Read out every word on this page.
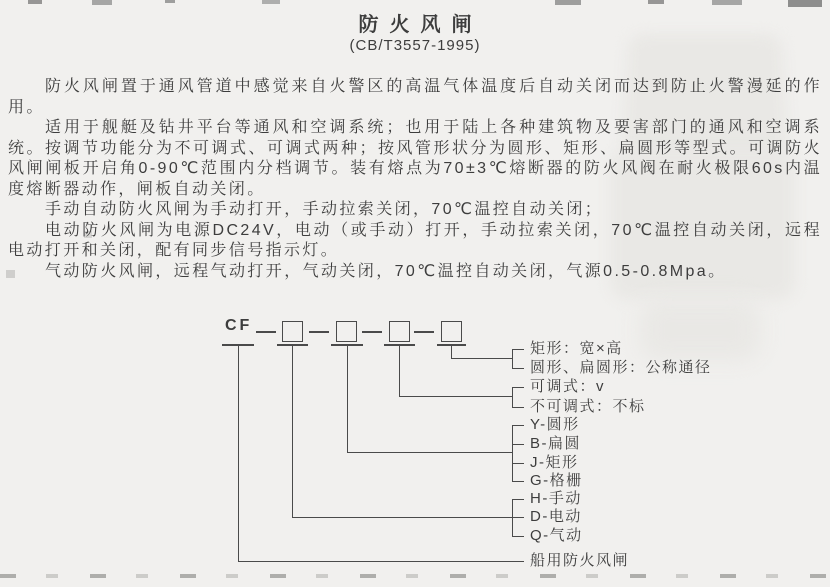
防火风闸
(CB/T3557-1995)

防火风闸置于通风管道中感觉来自火警区的高温气体温度后自动关闭而达到防止火警漫延的作用。

适用于舰艇及钻井平台等通风和空调系统；也用于陆上各种建筑物及要害部门的通风和空调系统。按调节功能分为不可调式、可调式两种；按风管形状分为圆形、矩形、扁圆形等型式。可调防火风闸闸板开启角0-90℃范围内分档调节。装有熔点为70±3℃熔断器的防火风阀在耐火极限60s内温度熔断器动作，闸板自动关闭。

手动自动防火风闸为手动打开，手动拉索关闭，70℃温控自动关闭；

电动防火风闸为电源DC24V，电动（或手动）打开，手动拉索关闭，70℃温控自动关闭，远程电动打开和关闭，配有同步信号指示灯。

气动防火风闸，远程气动打开，气动关闭，70℃温控自动关闭，气源0.5-0.8Mpa。

CF
矩形：宽×高
圆形、扁圆形：公称通径
可调式：v
不可调式：不标
Y-圆形
B-扁圆
J-矩形
G-格栅
H-手动
D-电动
Q-气动
船用防火风闸
